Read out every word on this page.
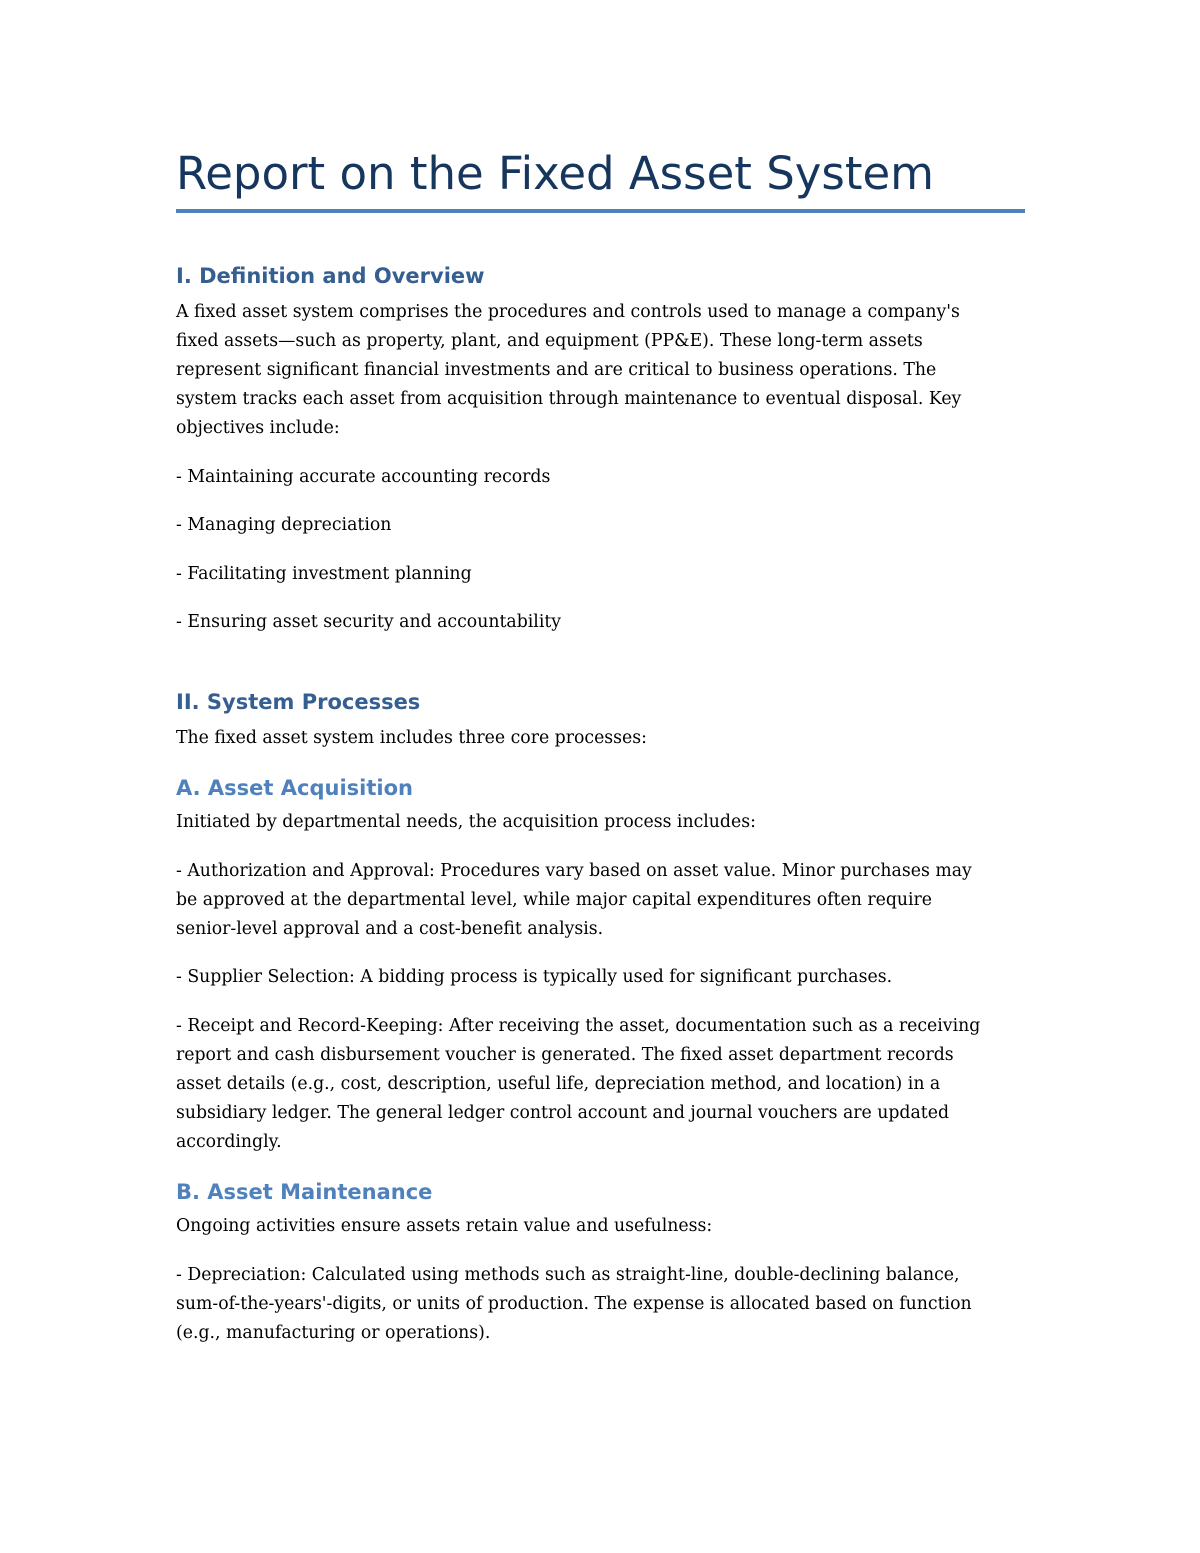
Report on the Fixed Asset System
I. Definition and Overview
A fixed asset system comprises the procedures and controls used to manage a company's
fixed assets—such as property, plant, and equipment (PP&E). These long-term assets
represent significant financial investments and are critical to business operations. The
system tracks each asset from acquisition through maintenance to eventual disposal. Key
objectives include:

- Maintaining accurate accounting records

- Managing depreciation

- Facilitating investment planning

- Ensuring asset security and accountability

II. System Processes

The fixed asset system includes three core processes:

A. Asset Acquisition

Initiated by departmental needs, the acquisition process includes:

- Authorization and Approval: Procedures vary based on asset value. Minor purchases may
be approved at the departmental level, while major capital expenditures often require
senior-level approval and a cost-benefit analysis.

- Supplier Selection: A bidding process is typically used for significant purchases.

- Receipt and Record-Keeping: After receiving the asset, documentation such as a receiving
report and cash disbursement voucher is generated. The fixed asset department records
asset details (e.g., cost, description, useful life, depreciation method, and location) in a
subsidiary ledger. The general ledger control account and journal vouchers are updated
accordingly.
B. Asset Maintenance

Ongoing activities ensure assets retain value and usefulness:

- Depreciation: Calculated using methods such as straight-line, double-declining balance,
sum-of-the-years'-digits, or units of production. The expense is allocated based on function
(e.g., manufacturing or operations).
